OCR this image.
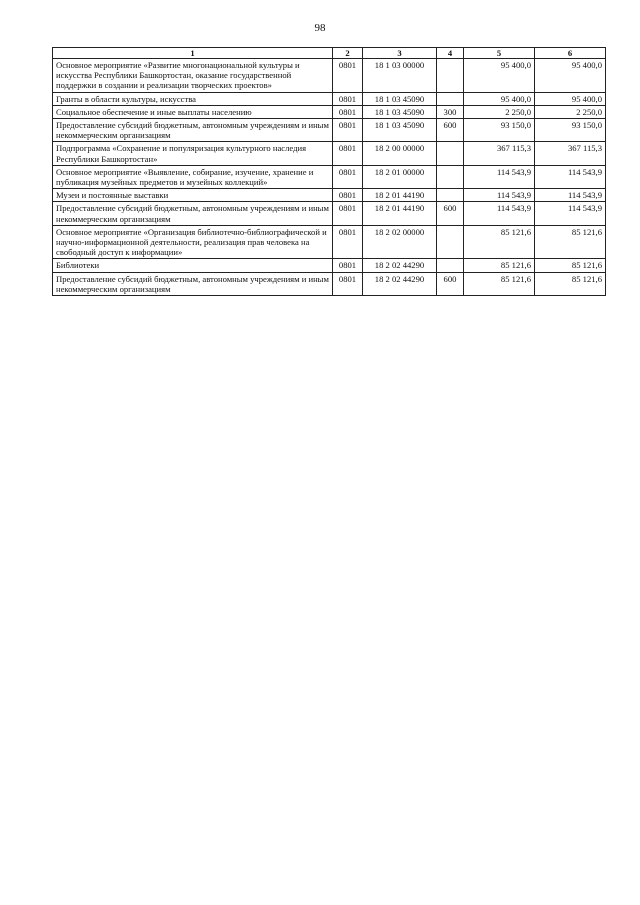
98
1	2	3	4	5	6
Основное мероприятие «Развитие многонациональной культуры и искусства Республики Башкортостан, оказание государственной поддержки в создании и реализации творческих проектов»	0801	18 1 03 00000		95 400,0	95 400,0
Гранты в области культуры, искусства	0801	18 1 03 45090		95 400,0	95 400,0
Социальное обеспечение и иные выплаты населению	0801	18 1 03 45090	300	2 250,0	2 250,0
Предоставление субсидий бюджетным, автономным учреждениям и иным некоммерческим организациям	0801	18 1 03 45090	600	93 150,0	93 150,0
Подпрограмма «Сохранение и популяризация культурного наследия Республики Башкортостан»	0801	18 2 00 00000		367 115,3	367 115,3
Основное мероприятие «Выявление, собирание, изучение, хранение и публикация музейных предметов и музейных коллекций»	0801	18 2 01 00000		114 543,9	114 543,9
Музеи и постоянные выставки	0801	18 2 01 44190		114 543,9	114 543,9
Предоставление субсидий бюджетным, автономным учреждениям и иным некоммерческим организациям	0801	18 2 01 44190	600	114 543,9	114 543,9
Основное мероприятие «Организация библиотечно-библиографической и научно-информационной деятельности, реализация прав человека на свободный доступ к информации»	0801	18 2 02 00000		85 121,6	85 121,6
Библиотеки	0801	18 2 02 44290		85 121,6	85 121,6
Предоставление субсидий бюджетным, автономным учреждениям и иным некоммерческим организациям	0801	18 2 02 44290	600	85 121,6	85 121,6
